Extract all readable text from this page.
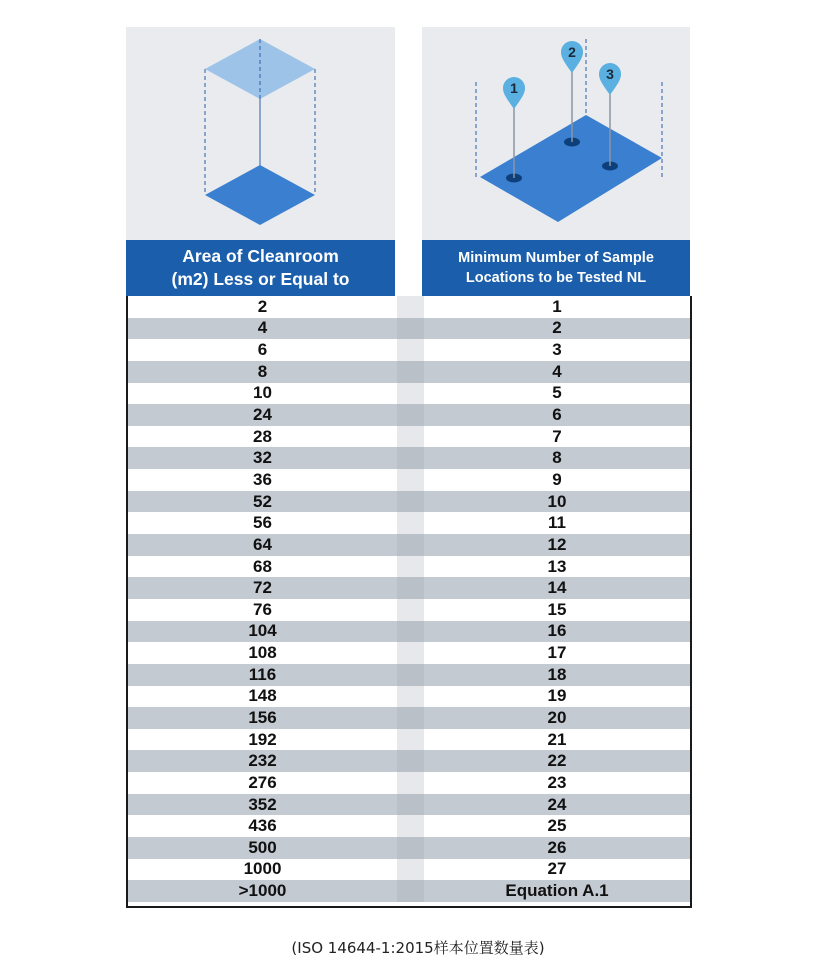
1
2
3
Area of Cleanroom
(m2) Less or Equal to
Minimum Number of Sample
Locations to be Tested NL
2	1
4	2
6	3
8	4
10	5
24	6
28	7
32	8
36	9
52	10
56	11
64	12
68	13
72	14
76	15
104	16
108	17
116	18
148	19
156	20
192	21
232	22
276	23
352	24
436	25
500	26
1000	27
>1000	Equation A.1
(ISO 14644-1:2015样本位置数量表)
